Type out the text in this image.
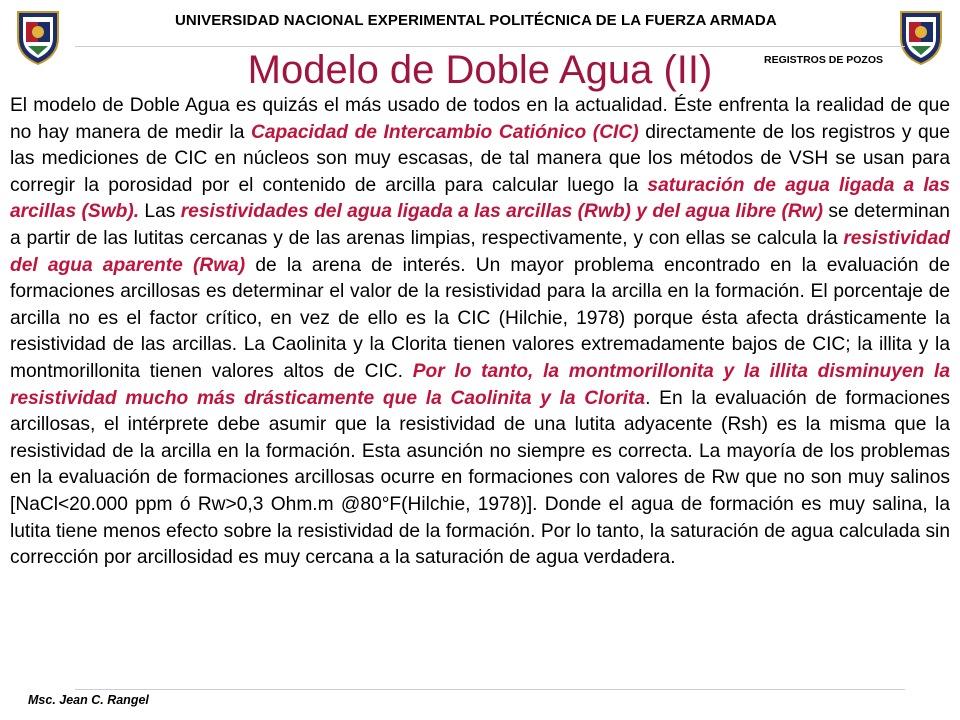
UNIVERSIDAD NACIONAL EXPERIMENTAL POLITÉCNICA DE LA FUERZA ARMADA
Modelo de Doble Agua (II)	REGISTROS DE POZOS
El modelo de Doble Agua es quizás el más usado de todos en la actualidad. Éste enfrenta la realidad de que no hay manera de medir la Capacidad de Intercambio Catiónico (CIC) directamente de los registros y que las mediciones de CIC en núcleos son muy escasas, de tal manera que los métodos de VSH se usan para corregir la porosidad por el contenido de arcilla para calcular luego la saturación de agua ligada a las arcillas (Swb). Las resistividades del agua ligada a las arcillas (Rwb) y del agua libre (Rw) se determinan a partir de las lutitas cercanas y de las arenas limpias, respectivamente, y con ellas se calcula la resistividad del agua aparente (Rwa) de la arena de interés. Un mayor problema encontrado en la evaluación de formaciones arcillosas es determinar el valor de la resistividad para la arcilla en la formación. El porcentaje de arcilla no es el factor crítico, en vez de ello es la CIC (Hilchie, 1978) porque ésta afecta drásticamente la resistividad de las arcillas. La Caolinita y la Clorita tienen valores extremadamente bajos de CIC; la illita y la montmorillonita tienen valores altos de CIC. Por lo tanto, la montmorillonita y la illita disminuyen la resistividad mucho más drásticamente que la Caolinita y la Clorita. En la evaluación de formaciones arcillosas, el intérprete debe asumir que la resistividad de una lutita adyacente (Rsh) es la misma que la resistividad de la arcilla en la formación. Esta asunción no siempre es correcta. La mayoría de los problemas en la evaluación de formaciones arcillosas ocurre en formaciones con valores de Rw que no son muy salinos [NaCl<20.000 ppm ó Rw>0,3 Ohm.m @80°F(Hilchie, 1978)]. Donde el agua de formación es muy salina, la lutita tiene menos efecto sobre la resistividad de la formación. Por lo tanto, la saturación de agua calculada sin corrección por arcillosidad es muy cercana a la saturación de agua verdadera.
Msc. Jean C. Rangel
